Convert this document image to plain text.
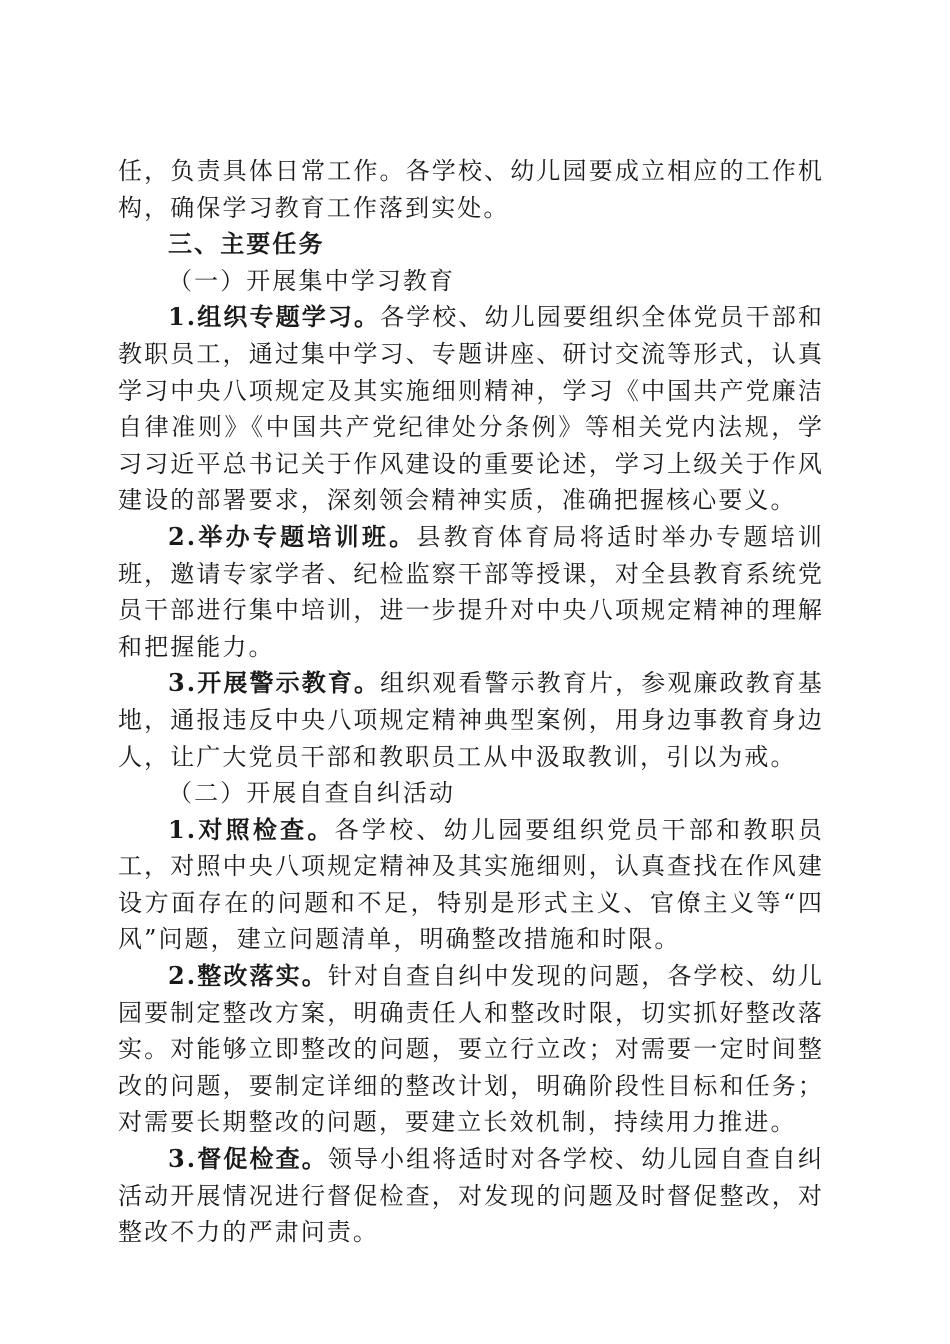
任，负责具体日常工作。各学校、幼儿园要成立相应的工作机构，确保学习教育工作落到实处。

三、主要任务

（一）开展集中学习教育

1.组织专题学习。各学校、幼儿园要组织全体党员干部和教职员工，通过集中学习、专题讲座、研讨交流等形式，认真学习中央八项规定及其实施细则精神，学习《中国共产党廉洁自律准则》《中国共产党纪律处分条例》等相关党内法规，学习习近平总书记关于作风建设的重要论述，学习上级关于作风建设的部署要求，深刻领会精神实质，准确把握核心要义。

2.举办专题培训班。县教育体育局将适时举办专题培训班，邀请专家学者、纪检监察干部等授课，对全县教育系统党员干部进行集中培训，进一步提升对中央八项规定精神的理解和把握能力。

3.开展警示教育。组织观看警示教育片，参观廉政教育基地，通报违反中央八项规定精神典型案例，用身边事教育身边人，让广大党员干部和教职员工从中汲取教训，引以为戒。

（二）开展自查自纠活动

1.对照检查。各学校、幼儿园要组织党员干部和教职员工，对照中央八项规定精神及其实施细则，认真查找在作风建设方面存在的问题和不足，特别是形式主义、官僚主义等“四风”问题，建立问题清单，明确整改措施和时限。

2.整改落实。针对自查自纠中发现的问题，各学校、幼儿园要制定整改方案，明确责任人和整改时限，切实抓好整改落实。对能够立即整改的问题，要立行立改；对需要一定时间整改的问题，要制定详细的整改计划，明确阶段性目标和任务；对需要长期整改的问题，要建立长效机制，持续用力推进。

3.督促检查。领导小组将适时对各学校、幼儿园自查自纠活动开展情况进行督促检查，对发现的问题及时督促整改，对整改不力的严肃问责。
